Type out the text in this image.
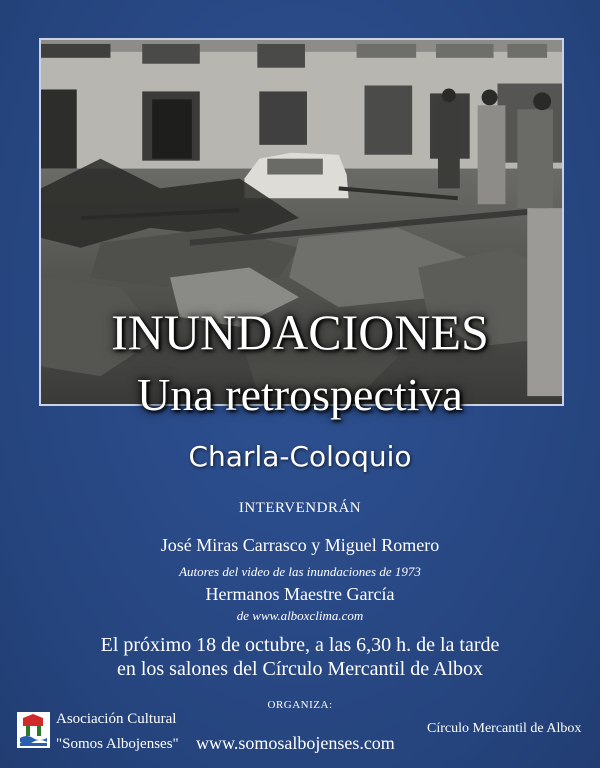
INUNDACIONES
Una retrospectiva
Charla-Coloquio
INTERVENDRÁN
José Miras Carrasco y Miguel Romero
Autores del video de las inundaciones de 1973
Hermanos Maestre García
de www.alboxclima.com
El próximo 18 de octubre, a las 6,30 h. de la tarde
en los salones del Círculo Mercantil de Albox
ORGANIZA:
Asociación Cultural
"Somos Albojenses" www.somosalbojenses.com
Círculo Mercantil de Albox
